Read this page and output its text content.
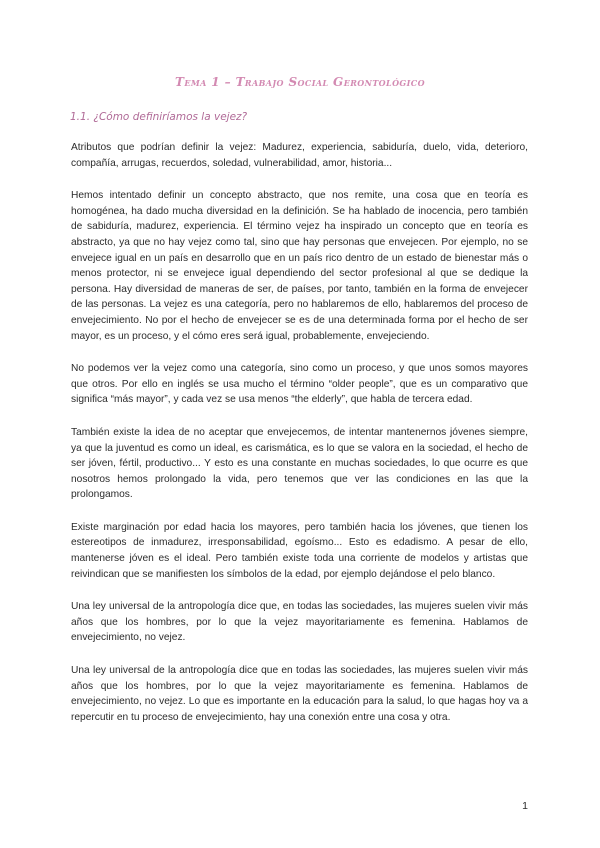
Tema 1 – Trabajo Social Gerontológico
1.1. ¿Cómo definiríamos la vejez?

Atributos que podrían definir la vejez: Madurez, experiencia, sabiduría, duelo, vida, deterioro, compañía, arrugas, recuerdos, soledad, vulnerabilidad, amor, historia...

Hemos intentado definir un concepto abstracto, que nos remite, una cosa que en teoría es homogénea, ha dado mucha diversidad en la definición. Se ha hablado de inocencia, pero también de sabiduría, madurez, experiencia. El término vejez ha inspirado un concepto que en teoría es abstracto, ya que no hay vejez como tal, sino que hay personas que envejecen. Por ejemplo, no se envejece igual en un país en desarrollo que en un país rico dentro de un estado de bienestar más o menos protector, ni se envejece igual dependiendo del sector profesional al que se dedique la persona. Hay diversidad de maneras de ser, de países, por tanto, también en la forma de envejecer de las personas. La vejez es una categoría, pero no hablaremos de ello, hablaremos del proceso de envejecimiento. No por el hecho de envejecer se es de una determinada forma por el hecho de ser mayor, es un proceso, y el cómo eres será igual, probablemente, envejeciendo.

No podemos ver la vejez como una categoría, sino como un proceso, y que unos somos mayores que otros. Por ello en inglés se usa mucho el término “older people”, que es un comparativo que significa “más mayor”, y cada vez se usa menos “the elderly”, que habla de tercera edad.

También existe la idea de no aceptar que envejecemos, de intentar mantenernos jóvenes siempre, ya que la juventud es como un ideal, es carismática, es lo que se valora en la sociedad, el hecho de ser jóven, fértil, productivo... Y esto es una constante en muchas sociedades, lo que ocurre es que nosotros hemos prolongado la vida, pero tenemos que ver las condiciones en las que la prolongamos.

Existe marginación por edad hacia los mayores, pero también hacia los jóvenes, que tienen los estereotipos de inmadurez, irresponsabilidad, egoísmo... Esto es edadismo. A pesar de ello, mantenerse jóven es el ideal. Pero también existe toda una corriente de modelos y artistas que reivindican que se manifiesten los símbolos de la edad, por ejemplo dejándose el pelo blanco.

Una ley universal de la antropología dice que, en todas las sociedades, las mujeres suelen vivir más años que los hombres, por lo que la vejez mayoritariamente es femenina. Hablamos de envejecimiento, no vejez.

Una ley universal de la antropología dice que en todas las sociedades, las mujeres suelen vivir más años que los hombres, por lo que la vejez mayoritariamente es femenina. Hablamos de envejecimiento, no vejez. Lo que es importante en la educación para la salud, lo que hagas hoy va a repercutir en tu proceso de envejecimiento, hay una conexión entre una cosa y otra.

1
